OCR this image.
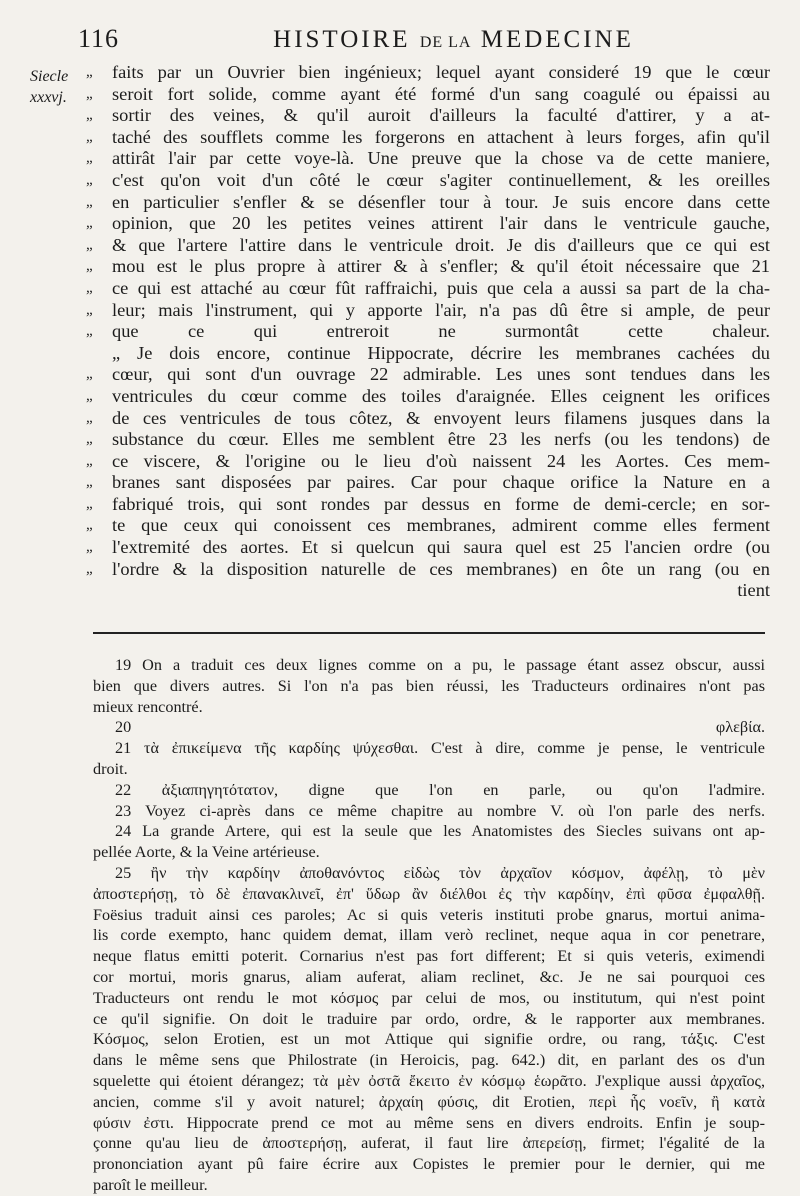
116	HISTOIRE DE LA MEDECINE
Siecle
xxxvj.
„	faits par un Ouvrier bien ingénieux; lequel ayant consideré 19 que le cœur
„	seroit fort solide, comme ayant été formé d'un sang coagulé ou épaissi au
„	sortir des veines, & qu'il auroit d'ailleurs la faculté d'attirer, y a at-
„	taché des soufflets comme les forgerons en attachent à leurs forges, afin qu'il
„	attirât l'air par cette voye-là. Une preuve que la chose va de cette maniere,
„	c'est qu'on voit d'un côté le cœur s'agiter continuellement, & les oreilles
„	en particulier s'enfler & se désenfler tour à tour. Je suis encore dans cette
„	opinion, que 20 les petites veines attirent l'air dans le ventricule gauche,
„	& que l'artere l'attire dans le ventricule droit. Je dis d'ailleurs que ce qui est
„	mou est le plus propre à attirer & à s'enfler; & qu'il étoit nécessaire que 21
„	ce qui est attaché au cœur fût raffraichi, puis que cela a aussi sa part de la cha-
„	leur; mais l'instrument, qui y apporte l'air, n'a pas dû être si ample, de peur
„	que ce qui entreroit ne surmontât cette chaleur.
„ Je dois encore, continue Hippocrate, décrire les membranes cachées du
„	cœur, qui sont d'un ouvrage 22 admirable. Les unes sont tendues dans les
„	ventricules du cœur comme des toiles d'araignée. Elles ceignent les orifices
„	de ces ventricules de tous côtez, & envoyent leurs filamens jusques dans la
„	substance du cœur. Elles me semblent être 23 les nerfs (ou les tendons) de
„	ce viscere, & l'origine ou le lieu d'où naissent 24 les Aortes. Ces mem-
„	branes sant disposées par paires. Car pour chaque orifice la Nature en a
„	fabriqué trois, qui sont rondes par dessus en forme de demi-cercle; en sor-
„	te que ceux qui conoissent ces membranes, admirent comme elles ferment
„	l'extremité des aortes. Et si quelcun qui saura quel est 25 l'ancien ordre (ou
„	l'ordre & la disposition naturelle de ces membranes) en ôte un rang (ou en
tient
19 On a traduit ces deux lignes comme on a pu, le passage étant assez obscur, aussi
bien que divers autres. Si l'on n'a pas bien réussi, les Traducteurs ordinaires n'ont pas
mieux rencontré.
20 φλεβία.
21 τὰ ἐπικείμενα τῆς καρδίης ψύχεσθαι. C'est à dire, comme je pense, le ventricule
droit.
22 ἀξιαπηγητότατον, digne que l'on en parle, ou qu'on l'admire.
23 Voyez ci-après dans ce même chapitre au nombre V. où l'on parle des nerfs.
24 La grande Artere, qui est la seule que les Anatomistes des Siecles suivans ont ap-
pellée Aorte, & la Veine artérieuse.
25 ἢν τὴν καρδίην ἀποθανόντος εἰδὼς τὸν ἀρχαῖον κόσμον, ἀφέλῃ, τὸ μὲν
ἀποστερήσῃ, τὸ δὲ ἐπανακλινεῖ, ἐπ' ὕδωρ ἂν διέλθοι ἐς τὴν καρδίην, ἐπὶ φῦσα ἐμφαλθῇ.
Foësius traduit ainsi ces paroles; Ac si quis veteris instituti probe gnarus, mortui anima-
lis corde exempto, hanc quidem demat, illam verò reclinet, neque aqua in cor penetrare,
neque flatus emitti poterit. Cornarius n'est pas fort different; Et si quis veteris, eximendi
cor mortui, moris gnarus, aliam auferat, aliam reclinet, &c. Je ne sai pourquoi ces
Traducteurs ont rendu le mot κόσμος par celui de mos, ou institutum, qui n'est point
ce qu'il signifie. On doit le traduire par ordo, ordre, & le rapporter aux membranes.
Κόσμος, selon Erotien, est un mot Attique qui signifie ordre, ou rang, τάξις. C'est
dans le même sens que Philostrate (in Heroicis, pag. 642.) dit, en parlant des os d'un
squelette qui étoient dérangez; τὰ μὲν ὀστᾶ ἔκειτο ἐν κόσμῳ ἑωρᾶτο. J'explique aussi ἀρχαῖος,
ancien, comme s'il y avoit naturel; ἀρχαίη φύσις, dit Erotien, περὶ ἧς νοεῖν, ἢ κατὰ
φύσιν ἐστι. Hippocrate prend ce mot au même sens en divers endroits. Enfin je soup-
çonne qu'au lieu de ἀποστερήσῃ, auferat, il faut lire ἀπερείσῃ, firmet; l'égalité de la
prononciation ayant pû faire écrire aux Copistes le premier pour le dernier, qui me
paroît le meilleur.
